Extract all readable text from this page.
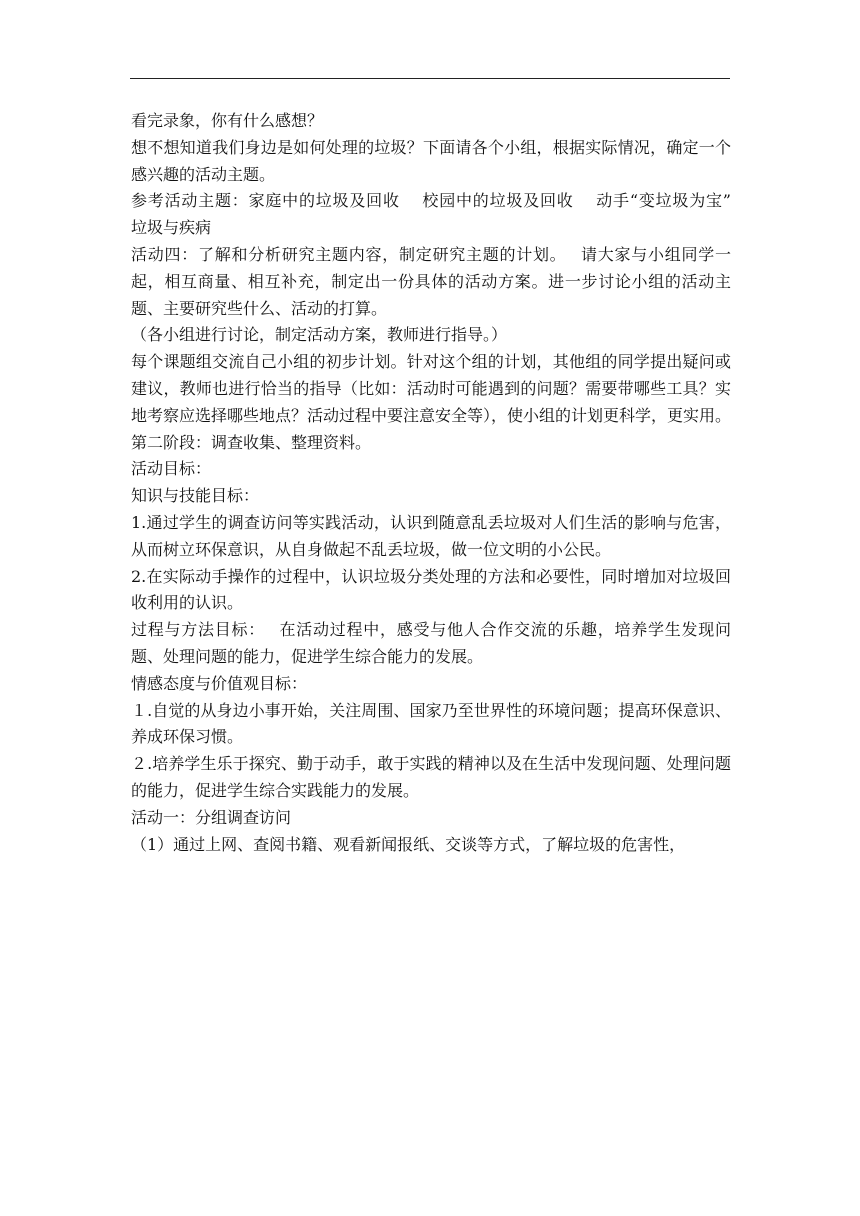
看完录象，你有什么感想？

想不想知道我们身边是如何处理的垃圾？下面请各个小组，根据实际情况，确定一个感兴趣的活动主题。

参考活动主题：家庭中的垃圾及回收　 校园中的垃圾及回收　 动手“变垃圾为宝”　 垃圾与疾病

活动四：了解和分析研究主题内容，制定研究主题的计划。　 请大家与小组同学一起，相互商量、相互补充，制定出一份具体的活动方案。进一步讨论小组的活动主题、主要研究些什么、活动的打算。

（各小组进行讨论，制定活动方案，教师进行指导。）

每个课题组交流自己小组的初步计划。针对这个组的计划，其他组的同学提出疑问或建议，教师也进行恰当的指导（比如：活动时可能遇到的问题？需要带哪些工具？实地考察应选择哪些地点？活动过程中要注意安全等），使小组的计划更科学，更实用。

第二阶段：调查收集、整理资料。

活动目标：

知识与技能目标：

1.通过学生的调查访问等实践活动，认识到随意乱丢垃圾对人们生活的影响与危害，从而树立环保意识，从自身做起不乱丢垃圾，做一位文明的小公民。

2.在实际动手操作的过程中，认识垃圾分类处理的方法和必要性，同时增加对垃圾回收利用的认识。

过程与方法目标：　 在活动过程中，感受与他人合作交流的乐趣，培养学生发现问题、处理问题的能力，促进学生综合能力的发展。

情感态度与价值观目标：

１.自觉的从身边小事开始，关注周围、国家乃至世界性的环境问题；提高环保意识、养成环保习惯。

２.培养学生乐于探究、勤于动手，敢于实践的精神以及在生活中发现问题、处理问题的能力，促进学生综合实践能力的发展。

活动一：分组调查访问

（1）通过上网、查阅书籍、观看新闻报纸、交谈等方式，了解垃圾的危害性，
